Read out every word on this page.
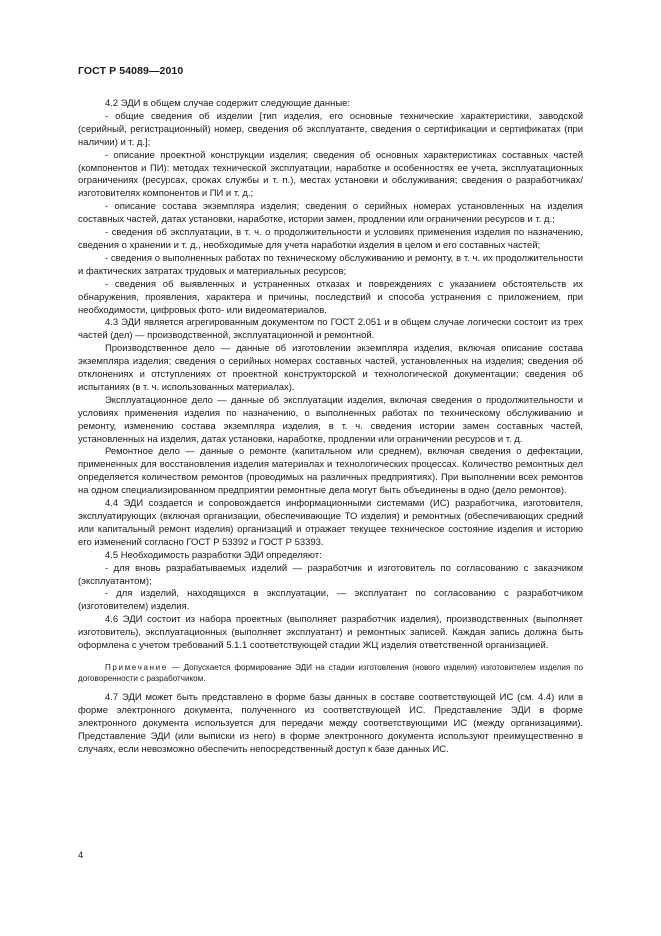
ГОСТ Р 54089—2010

4.2 ЭДИ в общем случае содержит следующие данные:

- общие сведения об изделии [тип изделия, его основные технические характеристики, заводской (серийный, регистрационный) номер, сведения об эксплуатанте, сведения о сертификации и сертификатах (при наличии) и т. д.];

- описание проектной конструкции изделия; сведения об основных характеристиках составных частей (компонентов и ПИ): методах технической эксплуатации, наработке и особенностях ее учета, эксплуатационных ограничениях (ресурсах, сроках службы и т. п.), местах установки и обслуживания; сведения о разработчиках/изготовителях компонентов и ПИ и т. д.;

- описание состава экземпляра изделия; сведения о серийных номерах установленных на изделия составных частей, датах установки, наработке, истории замен, продлении или ограничении ресурсов и т. д.;

- сведения об эксплуатации, в т. ч. о продолжительности и условиях применения изделия по назначению, сведения о хранении и т. д., необходимые для учета наработки изделия в целом и его составных частей;

- сведения о выполненных работах по техническому обслуживанию и ремонту, в т. ч. их продолжительности и фактических затратах трудовых и материальных ресурсов;

- сведения об выявленных и устраненных отказах и повреждениях с указанием обстоятельств их обнаружения, проявления, характера и причины, последствий и способа устранения с приложением, при необходимости, цифровых фото- или видеоматериалов.

4.3 ЭДИ является агрегированным документом по ГОСТ 2.051 и в общем случае логически состоит из трех частей (дел) — производственной, эксплуатационной и ремонтной.

Производственное дело — данные об изготовлении экземпляра изделия, включая описание состава экземпляра изделия; сведения о серийных номерах составных частей, установленных на изделия; сведения об отклонениях и отступлениях от проектной конструкторской и технологической документации; сведения об испытаниях (в т. ч. использованных материалах).

Эксплуатационное дело — данные об эксплуатации изделия, включая сведения о продолжительности и условиях применения изделия по назначению, о выполненных работах по техническому обслуживанию и ремонту, изменению состава экземпляра изделия, в т. ч. сведения истории замен составных частей, установленных на изделия, датах установки, наработке, продлении или ограничении ресурсов и т. д.

Ремонтное дело — данные о ремонте (капитальном или среднем), включая сведения о дефектации, примененных для восстановления изделия материалах и технологических процессах. Количество ремонтных дел определяется количеством ремонтов (проводимых на различных предприятиях). При выполнении всех ремонтов на одном специализированном предприятии ремонтные дела могут быть объединены в одно (дело ремонтов).

4.4 ЭДИ создается и сопровождается информационными системами (ИС) разработчика, изготовителя, эксплуатирующих (включая организации, обеспечивающие ТО изделия) и ремонтных (обеспечивающих средний или капитальный ремонт изделия) организаций и отражает текущее техническое состояние изделия и историю его изменений согласно ГОСТ Р 53392 и ГОСТ Р 53393.

4.5 Необходимость разработки ЭДИ определяют:

- для вновь разрабатываемых изделий — разработчик и изготовитель по согласованию с заказчиком (эксплуатантом);

- для изделий, находящихся в эксплуатации, — эксплуатант по согласованию с разработчиком (изготовителем) изделия.

4.6 ЭДИ состоит из набора проектных (выполняет разработчик изделия), производственных (выполняет изготовитель), эксплуатационных (выполняет эксплуатант) и ремонтных записей. Каждая запись должна быть оформлена с учетом требований 5.1.1 соответствующей стадии ЖЦ изделия ответственной организацией.

Примечание — Допускается формирование ЭДИ на стадии изготовления (нового изделия) изготовителем изделия по договоренности с разработчиком.

4.7 ЭДИ может быть представлено в форме базы данных в составе соответствующей ИС (см. 4.4) или в форме электронного документа, полученного из соответствующей ИС. Представление ЭДИ в форме электронного документа используется для передачи между соответствующими ИС (между организациями). Представление ЭДИ (или выписки из него) в форме электронного документа используют преимущественно в случаях, если невозможно обеспечить непосредственный доступ к базе данных ИС.

4
